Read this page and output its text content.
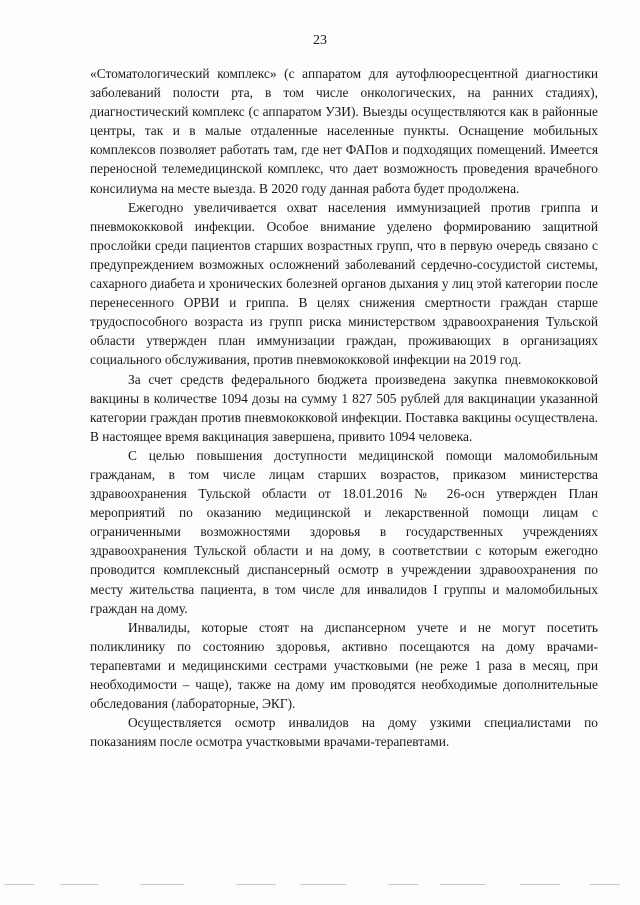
23

«Стоматологический комплекс» (с аппаратом для аутофлюоресцентной диагностики заболеваний полости рта, в том числе онкологических, на ранних стадиях), диагностический комплекс (с аппаратом УЗИ). Выезды осуществляются как в районные центры, так и в малые отдаленные населенные пункты. Оснащение мобильных комплексов позволяет работать там, где нет ФАПов и подходящих помещений. Имеется переносной телемедицинской комплекс, что дает возможность проведения врачебного консилиума на месте выезда. В 2020 году данная работа будет продолжена.

Ежегодно увеличивается охват населения иммунизацией против гриппа и пневмококковой инфекции. Особое внимание уделено формированию защитной прослойки среди пациентов старших возрастных групп, что в первую очередь связано с предупреждением возможных осложнений заболеваний сердечно-сосудистой системы, сахарного диабета и хронических болезней органов дыхания у лиц этой категории после перенесенного ОРВИ и гриппа. В целях снижения смертности граждан старше трудоспособного возраста из групп риска министерством здравоохранения Тульской области утвержден план иммунизации граждан, проживающих в организациях социального обслуживания, против пневмококковой инфекции на 2019 год.

За счет средств федерального бюджета произведена закупка пневмококковой вакцины в количестве 1094 дозы на сумму 1 827 505 рублей для вакцинации указанной категории граждан против пневмококковой инфекции. Поставка вакцины осуществлена. В настоящее время вакцинация завершена, привито 1094 человека.

С целью повышения доступности медицинской помощи маломобильным гражданам, в том числе лицам старших возрастов, приказом министерства здравоохранения Тульской области от 18.01.2016 № 26-осн утвержден План мероприятий по оказанию медицинской и лекарственной помощи лицам с ограниченными возможностями здоровья в государственных учреждениях здравоохранения Тульской области и на дому, в соответствии с которым ежегодно проводится комплексный диспансерный осмотр в учреждении здравоохранения по месту жительства пациента, в том числе для инвалидов I группы и маломобильных граждан на дому.

Инвалиды, которые стоят на диспансерном учете и не могут посетить поликлинику по состоянию здоровья, активно посещаются на дому врачами-терапевтами и медицинскими сестрами участковыми (не реже 1 раза в месяц, при необходимости – чаще), также на дому им проводятся необходимые дополнительные обследования (лабораторные, ЭКГ).

Осуществляется осмотр инвалидов на дому узкими специалистами по показаниям после осмотра участковыми врачами-терапевтами.
